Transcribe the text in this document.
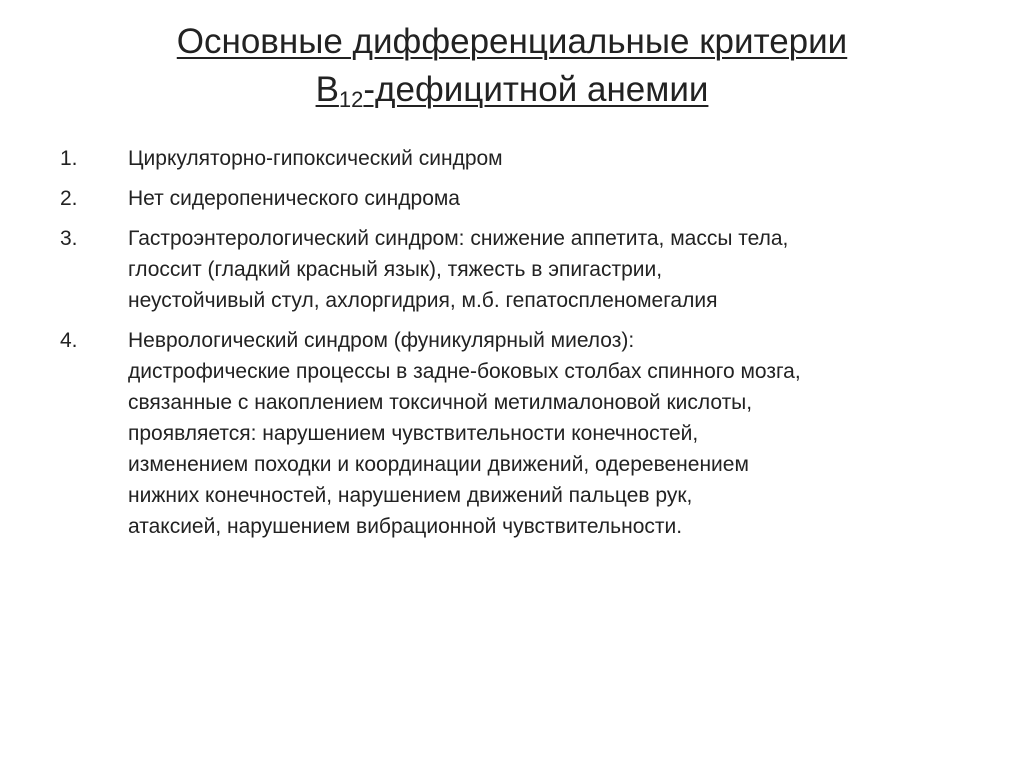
Основные дифференциальные критерии
$В_{12}$-дефицитной анемии
1.	Циркуляторно-гипоксический синдром
2.	Нет сидеропенического синдрома
3.	Гастроэнтерологический синдром: снижение аппетита, массы тела,
глоссит (гладкий красный язык), тяжесть в эпигастрии,
неустойчивый стул, ахлоргидрия, м.б. гепатоспленомегалия
4.	Неврологический синдром (фуникулярный миелоз):
дистрофические процессы в задне-боковых столбах спинного мозга,
связанные с накоплением токсичной метилмалоновой кислоты,
проявляется: нарушением чувствительности конечностей,
изменением походки и координации движений, одеревенением
нижних конечностей, нарушением движений пальцев рук,
атаксией, нарушением вибрационной чувствительности.
